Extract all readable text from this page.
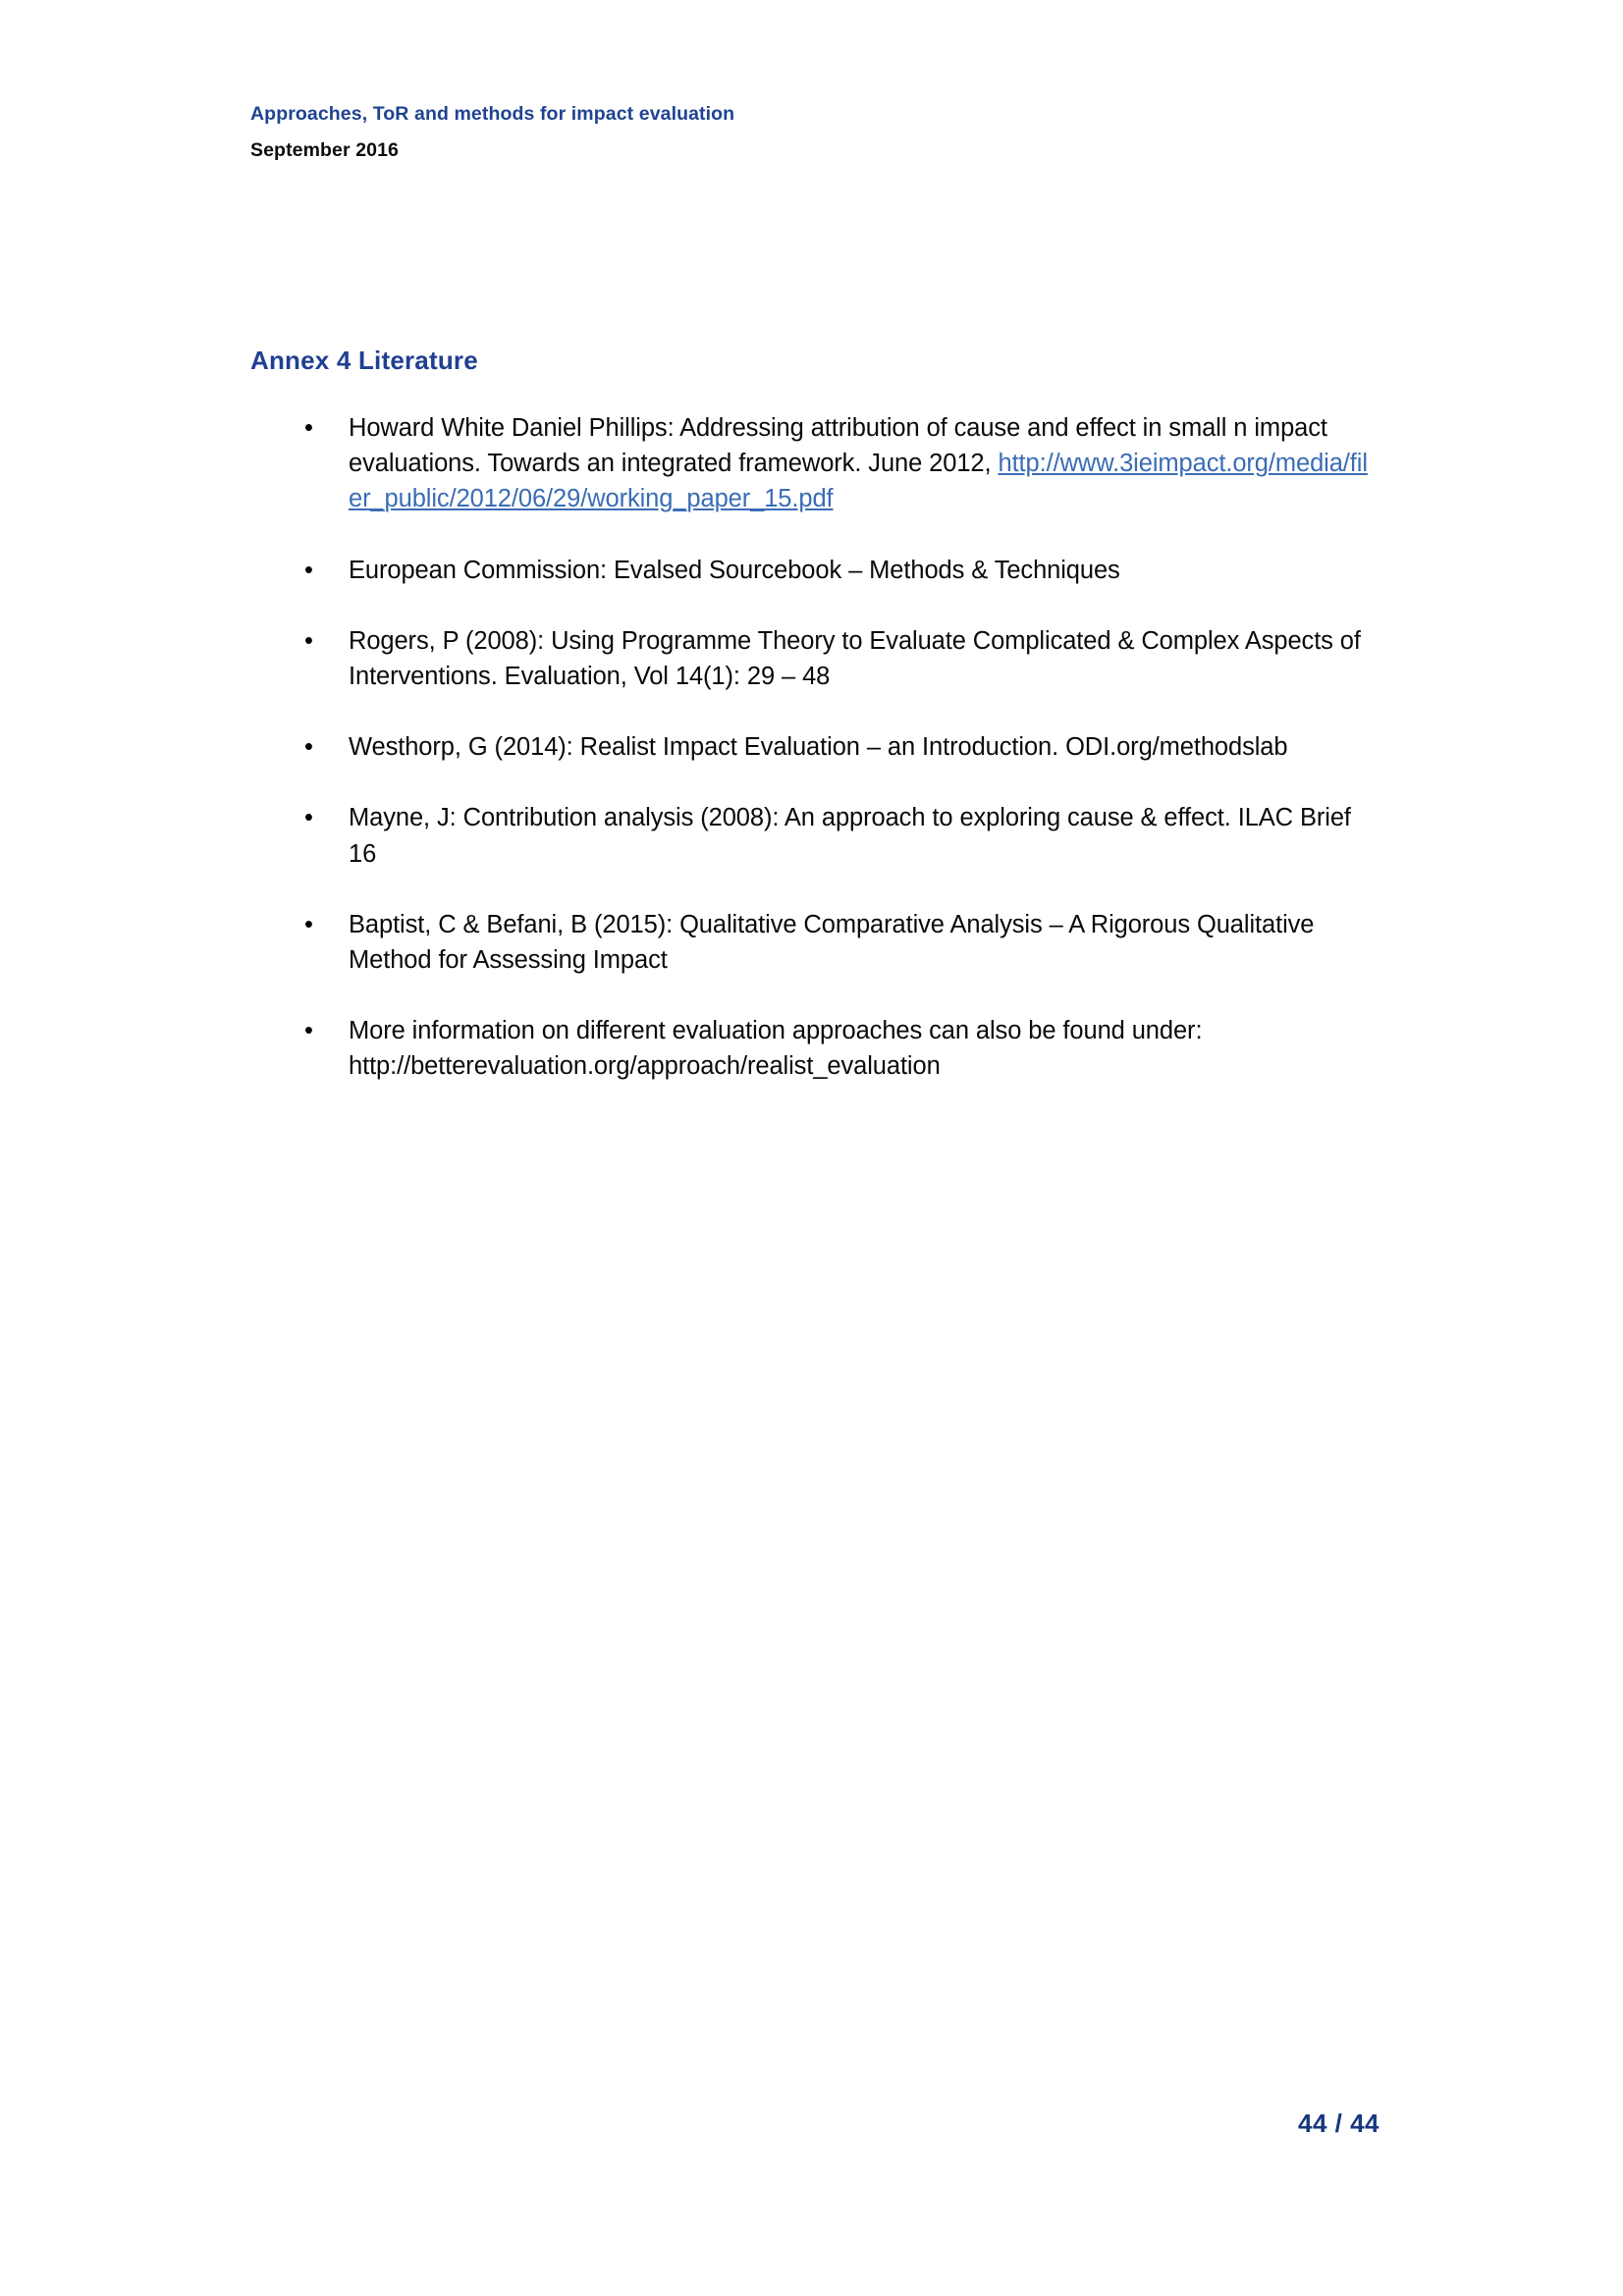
Approaches, ToR and methods for impact evaluation
September 2016
Annex 4 Literature
•	Howard White Daniel Phillips: Addressing attribution of cause and effect in small n impact evaluations. Towards an integrated framework. June 2012, http://www.3ieimpact.org/media/filer_public/2012/06/29/working_paper_15.pdf
•	European Commission: Evalsed Sourcebook – Methods & Techniques
•	Rogers, P (2008): Using Programme Theory to Evaluate Complicated & Complex Aspects of Interventions. Evaluation, Vol 14(1): 29 – 48
•	Westhorp, G (2014): Realist Impact Evaluation – an Introduction. ODI.org/methodslab
•	Mayne, J: Contribution analysis (2008): An approach to exploring cause & effect. ILAC Brief 16
•	Baptist, C & Befani, B (2015): Qualitative Comparative Analysis – A Rigorous Qualitative Method for Assessing Impact
•	More information on different evaluation approaches can also be found under: http://betterevaluation.org/approach/realist_evaluation
44 / 44
